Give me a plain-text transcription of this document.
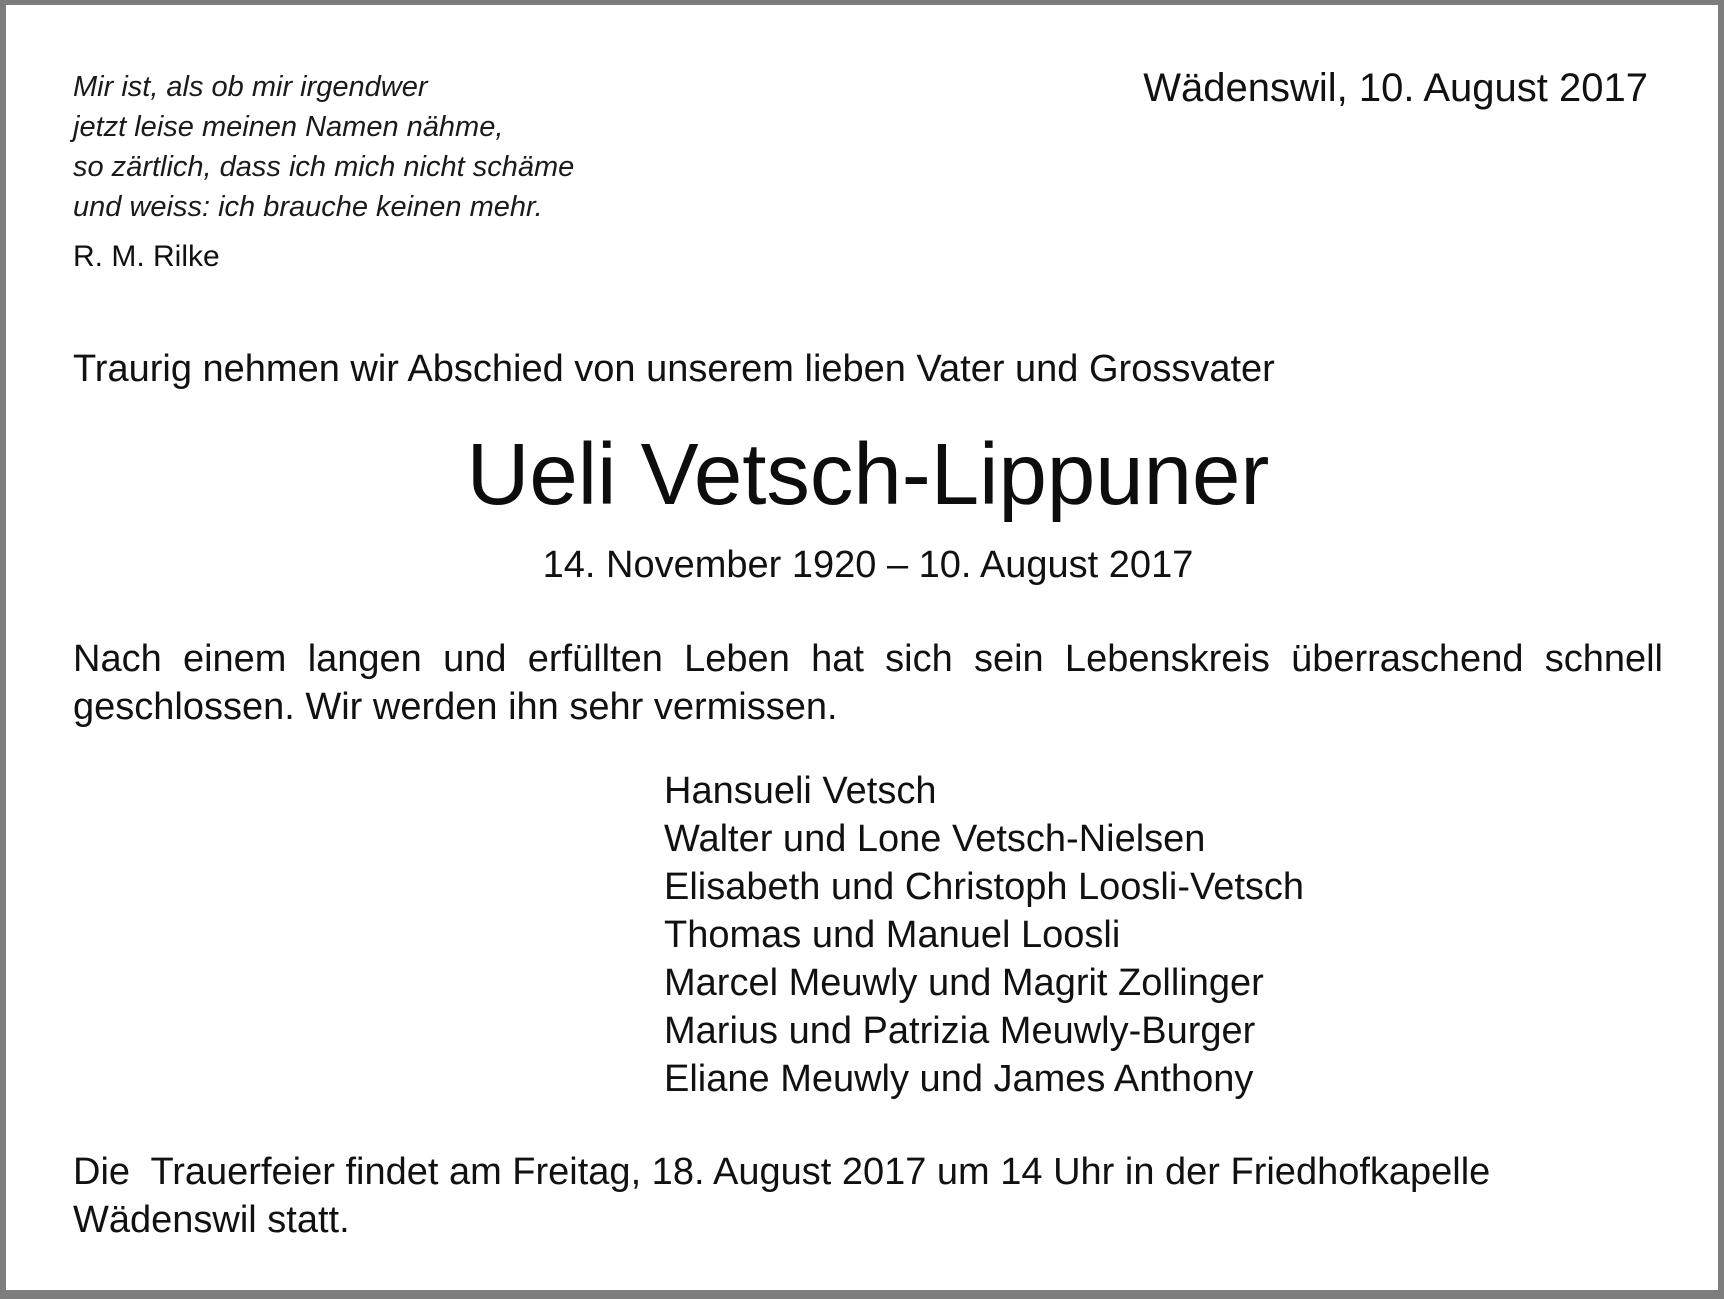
Mir ist, als ob mir irgendwer
jetzt leise meinen Namen nähme,
so zärtlich, dass ich mich nicht schäme
und weiss: ich brauche keinen mehr.
R. M. Rilke
Wädenswil, 10. August 2017
Traurig nehmen wir Abschied von unserem lieben Vater und Grossvater
Ueli Vetsch-Lippuner
14. November 1920 – 10. August 2017
Nach einem langen und erfüllten Leben hat sich sein Lebenskreis überraschend schnell geschlossen. Wir werden ihn sehr vermissen.
Hansueli Vetsch
Walter und Lone Vetsch-Nielsen
Elisabeth und Christoph Loosli-Vetsch
Thomas und Manuel Loosli
Marcel Meuwly und Magrit Zollinger
Marius und Patrizia Meuwly-Burger
Eliane Meuwly und James Anthony
Die  Trauerfeier findet am Freitag, 18. August 2017 um 14 Uhr in der Friedhofkapelle Wädenswil statt.
